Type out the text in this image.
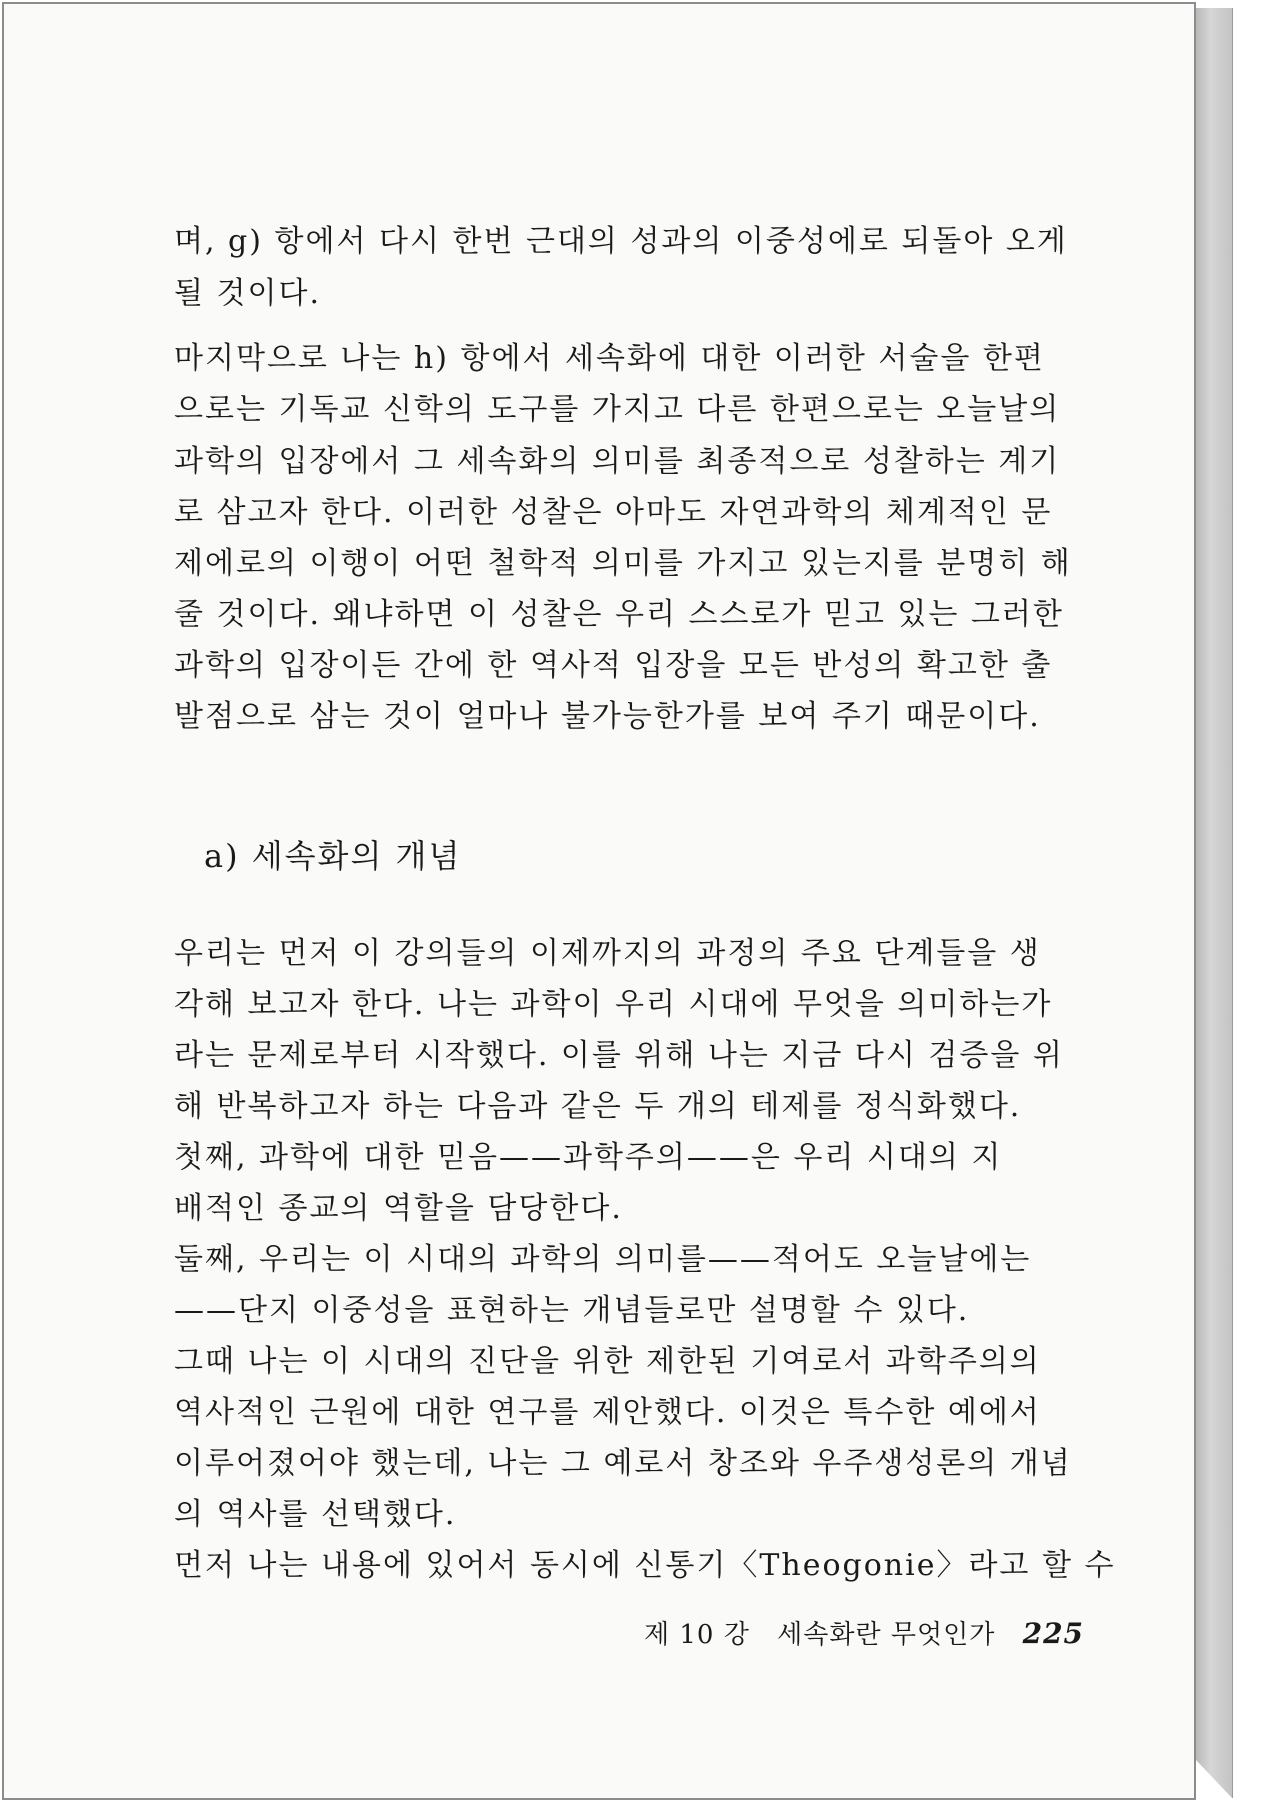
며, g) 항에서 다시 한번 근대의 성과의 이중성에로 되돌아 오게
될 것이다.
마지막으로 나는 h) 항에서 세속화에 대한 이러한 서술을 한편
으로는 기독교 신학의 도구를 가지고 다른 한편으로는 오늘날의
과학의 입장에서 그 세속화의 의미를 최종적으로 성찰하는 계기
로 삼고자 한다. 이러한 성찰은 아마도 자연과학의 체계적인 문
제에로의 이행이 어떤 철학적 의미를 가지고 있는지를 분명히 해
줄 것이다. 왜냐하면 이 성찰은 우리 스스로가 믿고 있는 그러한
과학의 입장이든 간에 한 역사적 입장을 모든 반성의 확고한 출
발점으로 삼는 것이 얼마나 불가능한가를 보여 주기 때문이다.
a) 세속화의 개념
우리는 먼저 이 강의들의 이제까지의 과정의 주요 단계들을 생
각해 보고자 한다. 나는 과학이 우리 시대에 무엇을 의미하는가
라는 문제로부터 시작했다. 이를 위해 나는 지금 다시 검증을 위
해 반복하고자 하는 다음과 같은 두 개의 테제를 정식화했다.
첫째, 과학에 대한 믿음——과학주의——은 우리 시대의 지
배적인 종교의 역할을 담당한다.
둘째, 우리는 이 시대의 과학의 의미를——적어도 오늘날에는
——단지 이중성을 표현하는 개념들로만 설명할 수 있다.
그때 나는 이 시대의 진단을 위한 제한된 기여로서 과학주의의
역사적인 근원에 대한 연구를 제안했다. 이것은 특수한 예에서
이루어졌어야 했는데, 나는 그 예로서 창조와 우주생성론의 개념
의 역사를 선택했다.
먼저 나는 내용에 있어서 동시에 신통기〈Theogonie〉라고 할 수
제 10 강 세속화란 무엇인가 225
